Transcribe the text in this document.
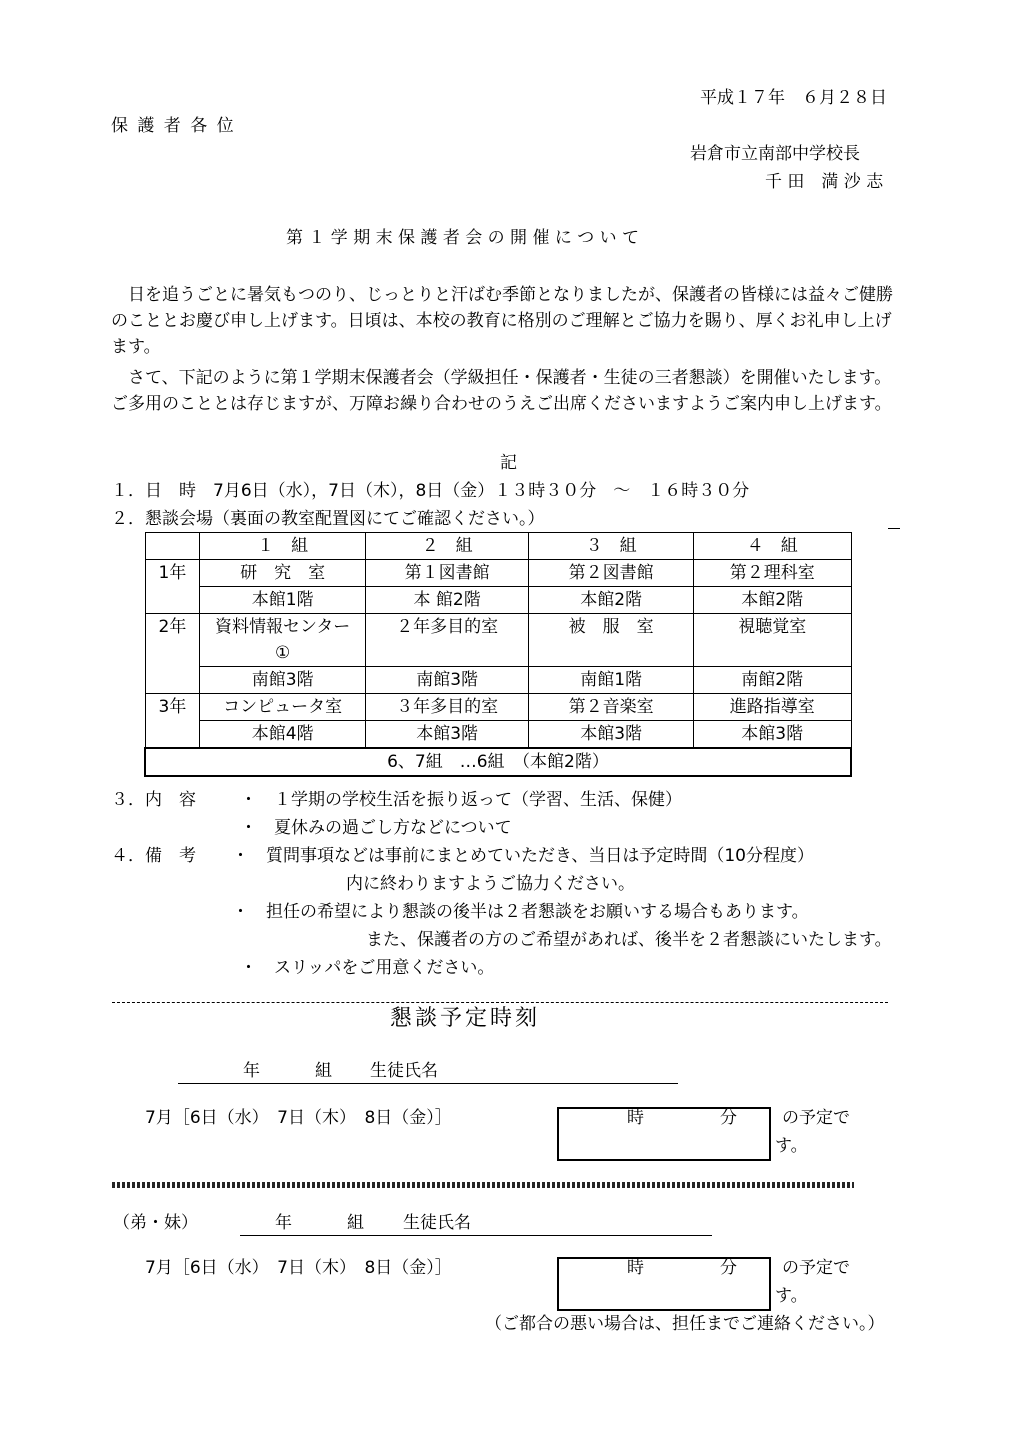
平成１７年　６月２８日
保 護 者 各 位
岩倉市立南部中学校長
千 田　満 沙 志
第 １ 学 期 末 保 護 者 会 の 開 催 に つ い て
　日を追うごとに暑気もつのり、じっとりと汗ばむ季節となりましたが、保護者の皆様には益々ご健勝のこととお慶び申し上げます。日頃は、本校の教育に格別のご理解とご協力を賜り、厚くお礼申し上げます。
　さて、下記のように第１学期末保護者会（学級担任・保護者・生徒の三者懇談）を開催いたします。ご多用のこととは存じますが、万障お繰り合わせのうえご出席くださいますようご案内申し上げます。
記
１．日　時　7月6日（水），7日（木），8日（金）１３時３０分　～　１６時３０分
２．懇談会場（裏面の教室配置図にてご確認ください。）
	１　組	２　組	３　組	４　組
1年	研　究　室	第１図書館	第２図書館	第２理科室
	本館1階	本 館2階	本館2階	本館2階
2年	資料情報センター
①	２年多目的室	被　服　室	視聴覚室
	南館3階	南館3階	南館1階	南館2階
3年	コンピュータ室	３年多目的室	第２音楽室	進路指導室
	本館4階	本館3階	本館3階	本館3階
6、7組　…6組　（本館2階）				
３．内　容	・　１学期の学校生活を振り返って（学習、生活、保健）
・　夏休みの過ごし方などについて
４．備　考 ・　質問事項などは事前にまとめていただき、当日は予定時間（10分程度）
内に終わりますようご協力ください。
・　担任の希望により懇談の後半は２者懇談をお願いする場合もあります。
また、保護者の方のご希望があれば、後半を２者懇談にいたします。
・　スリッパをご用意ください。
懇談予定時刻
年	組 生徒氏名
7月［6日（水）　7日（木）　8日（金）］	時	分	の予定で
す。
（弟・妹）	年	組 生徒氏名
7月［6日（水）　7日（木）　8日（金）］	時	分	の予定で
す。
（ご都合の悪い場合は、担任までご連絡ください。）
